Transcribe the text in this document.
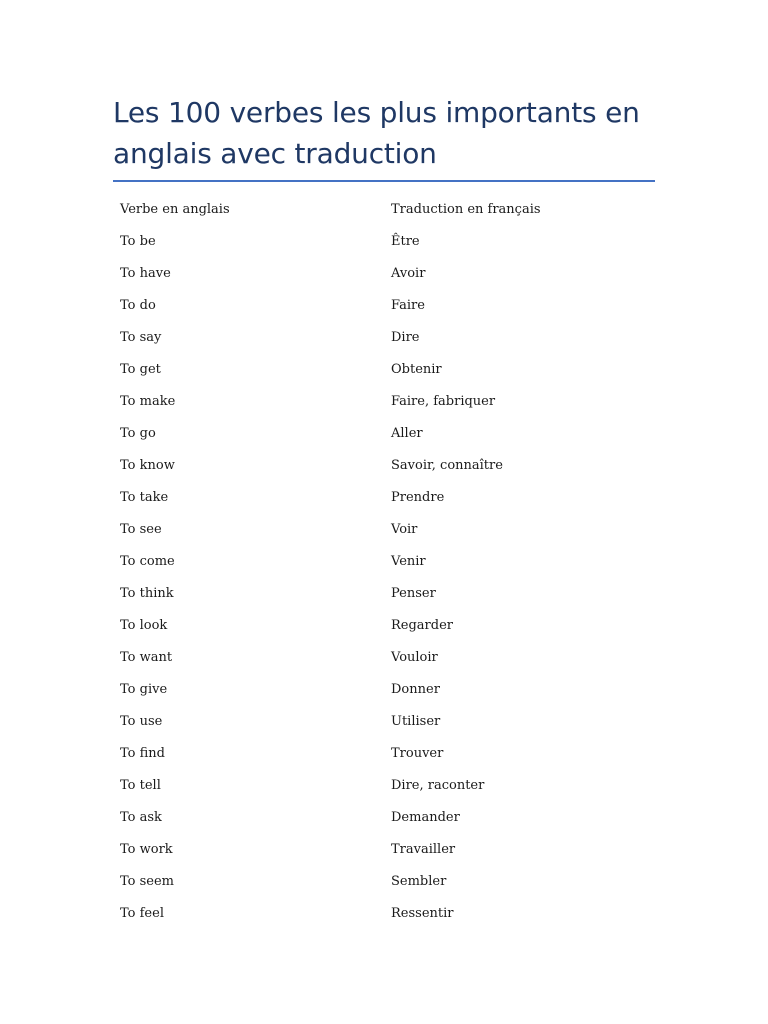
Les 100 verbes les plus importants en anglais avec traduction
Verbe en anglais	Traduction en français
To be	Être
To have	Avoir
To do	Faire
To say	Dire
To get	Obtenir
To make	Faire, fabriquer
To go	Aller
To know	Savoir, connaître
To take	Prendre
To see	Voir
To come	Venir
To think	Penser
To look	Regarder
To want	Vouloir
To give	Donner
To use	Utiliser
To find	Trouver
To tell	Dire, raconter
To ask	Demander
To work	Travailler
To seem	Sembler
To feel	Ressentir
